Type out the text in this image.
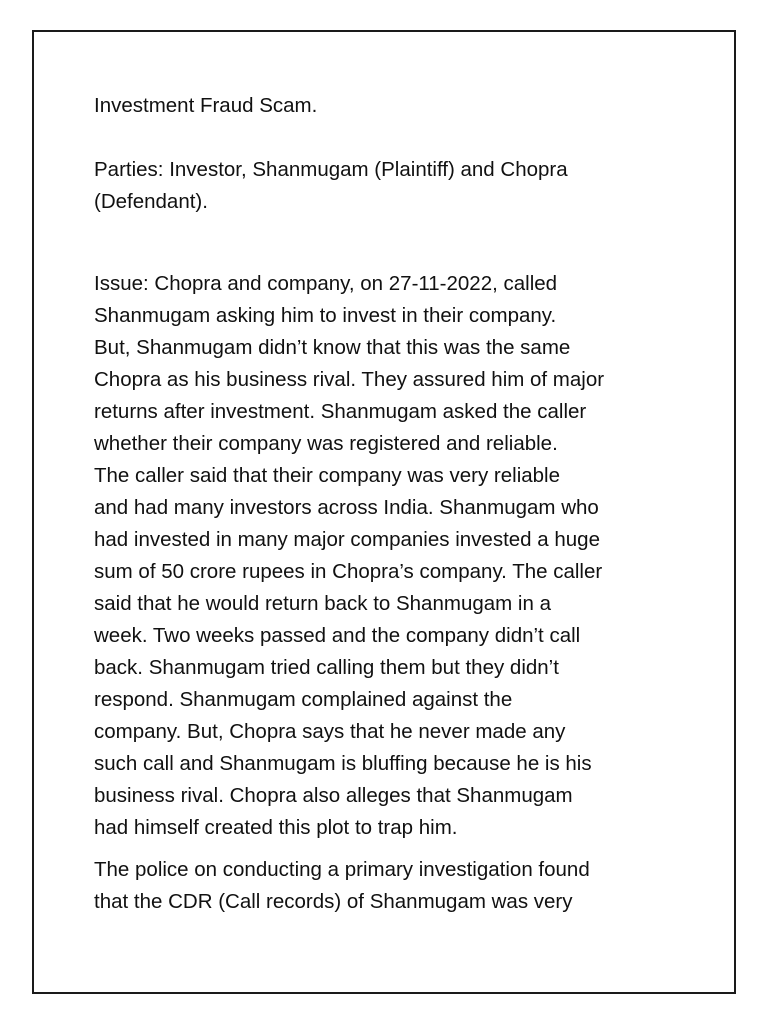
Investment Fraud Scam.
Parties: Investor, Shanmugam (Plaintiff) and Chopra
(Defendant).
Issue: Chopra and company, on 27-11-2022, called
Shanmugam asking him to invest in their company.
But, Shanmugam didn’t know that this was the same
Chopra as his business rival. They assured him of major
returns after investment. Shanmugam asked the caller
whether their company was registered and reliable.
The caller said that their company was very reliable
and had many investors across India. Shanmugam who
had invested in many major companies invested a huge
sum of 50 crore rupees in Chopra’s company. The caller
said that he would return back to Shanmugam in a
week. Two weeks passed and the company didn’t call
back. Shanmugam tried calling them but they didn’t
respond. Shanmugam complained against the
company. But, Chopra says that he never made any
such call and Shanmugam is bluffing because he is his
business rival. Chopra also alleges that Shanmugam
had himself created this plot to trap him.
The police on conducting a primary investigation found
that the CDR (Call records) of Shanmugam was very
